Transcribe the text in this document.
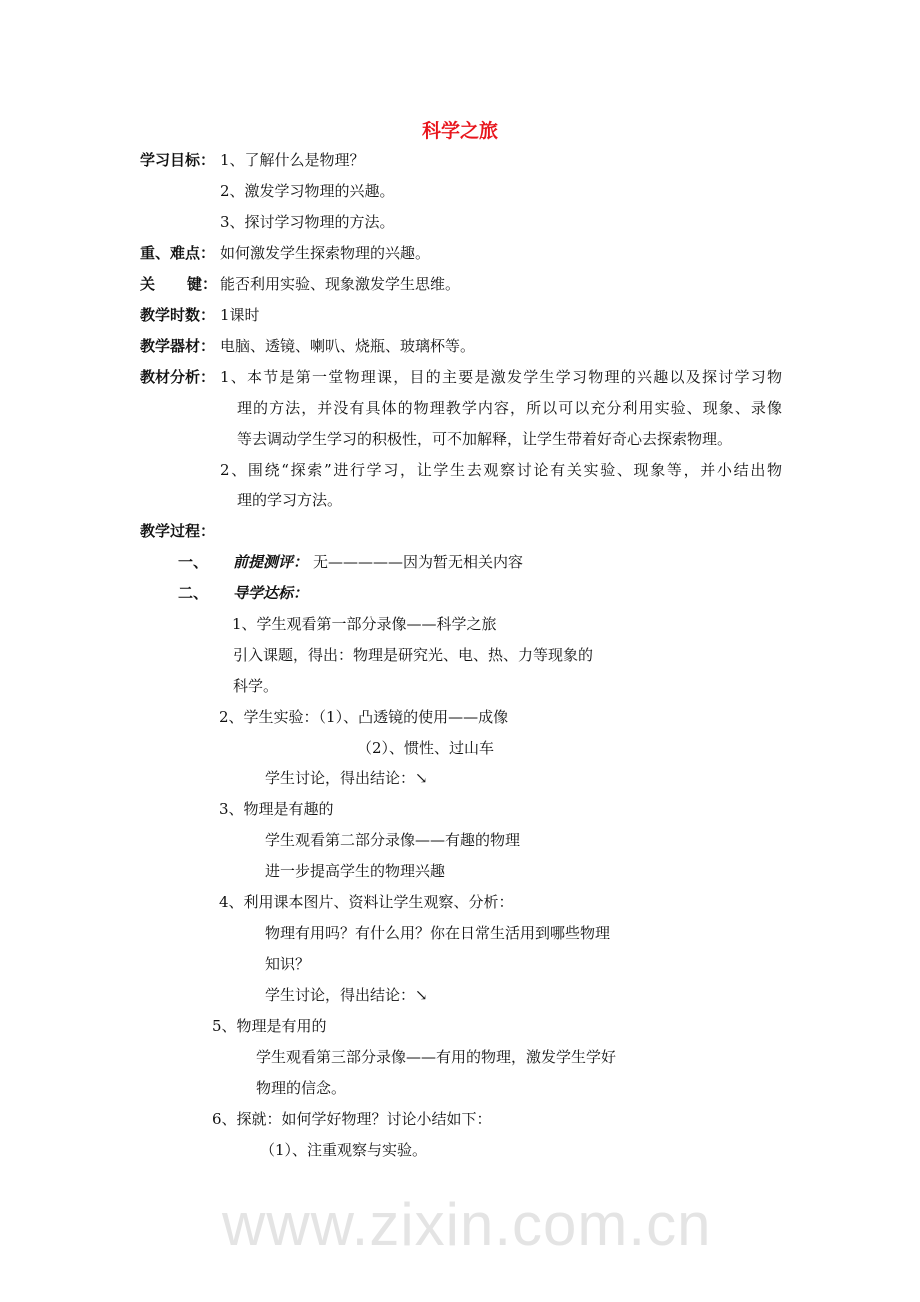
www.zixin.com.cn
科学之旅
学习目标： 1、了解什么是物理？
2、激发学习物理的兴趣。
3、探讨学习物理的方法。
重、难点： 如何激发学生探索物理的兴趣。
关 键： 能否利用实验、现象激发学生思维。
教学时数： 1课时
教学器材： 电脑、透镜、喇叭、烧瓶、玻璃杯等。
教材分析： 1、本节是第一堂物理课，目的主要是激发学生学习物理的兴趣以及探讨学习物
理的方法，并没有具体的物理教学内容，所以可以充分利用实验、现象、录像
等去调动学生学习的积极性，可不加解释，让学生带着好奇心去探索物理。
2、围绕“探索”进行学习，让学生去观察讨论有关实验、现象等，并小结出物
理的学习方法。
教学过程：
一、 前提测评： 无—————因为暂无相关内容
二、 导学达标：
1、学生观看第一部分录像——科学之旅
引入课题，得出：物理是研究光、电、热、力等现象的
科学。
2、学生实验：（1）、凸透镜的使用——成像
（2）、惯性、过山车
学生讨论，得出结论：↘
3、物理是有趣的
学生观看第二部分录像——有趣的物理
进一步提高学生的物理兴趣
4、利用课本图片、资料让学生观察、分析：
物理有用吗？有什么用？你在日常生活用到哪些物理
知识？
学生讨论，得出结论：↘
5、物理是有用的
学生观看第三部分录像——有用的物理，激发学生学好
物理的信念。
6、探就：如何学好物理？讨论小结如下：
（1）、注重观察与实验。
